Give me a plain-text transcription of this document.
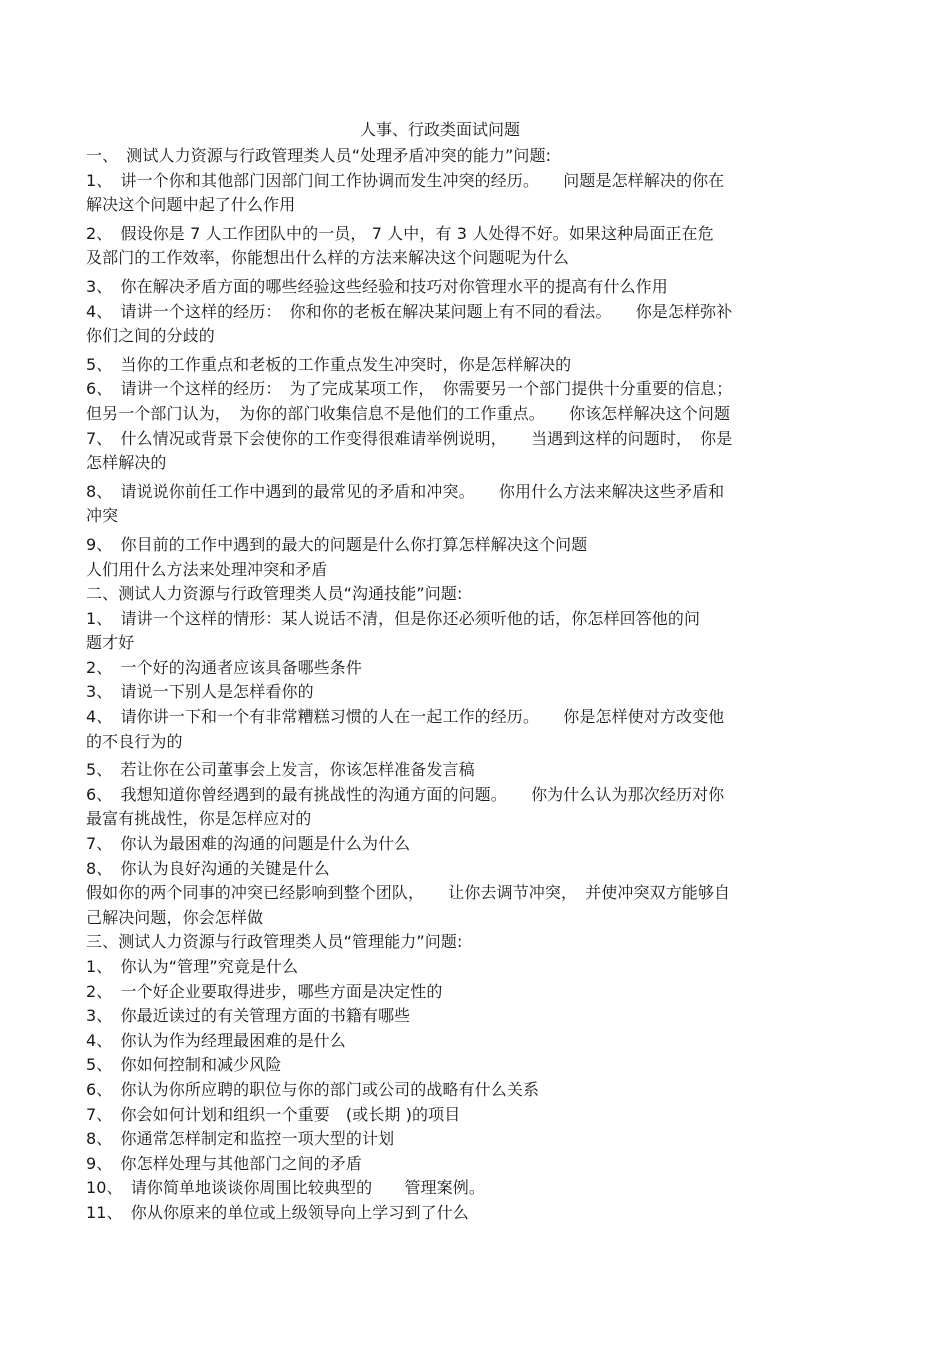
人事、行政类面试问题
一、　测试人力资源与行政管理类人员“处理矛盾冲突的能力”问题:
1、　讲一个你和其他部门因部门间工作协调而发生冲突的经历。　　问题是怎样解决的你在
解决这个问题中起了什么作用
2、　假设你是 7 人工作团队中的一员， 7 人中，有 3 人处得不好。如果这种局面正在危
及部门的工作效率，你能想出什么样的方法来解决这个问题呢为什么
3、　你在解决矛盾方面的哪些经验这些经验和技巧对你管理水平的提高有什么作用
4、　请讲一个这样的经历：　你和你的老板在解决某问题上有不同的看法。　　你是怎样弥补
你们之间的分歧的
5、　当你的工作重点和老板的工作重点发生冲突时，你是怎样解决的
6、　请讲一个这样的经历：　为了完成某项工作，　你需要另一个部门提供十分重要的信息；
但另一个部门认为，　为你的部门收集信息不是他们的工作重点。　　你该怎样解决这个问题
7、　什么情况或背景下会使你的工作变得很难请举例说明，　　当遇到这样的问题时，　你是
怎样解决的
8、　请说说你前任工作中遇到的最常见的矛盾和冲突。　　你用什么方法来解决这些矛盾和
冲突
9、　你目前的工作中遇到的最大的问题是什么你打算怎样解决这个问题
人们用什么方法来处理冲突和矛盾
二、测试人力资源与行政管理类人员“沟通技能”问题:
1、　请讲一个这样的情形：某人说话不清，但是你还必须听他的话，你怎样回答他的问
题才好
2、　一个好的沟通者应该具备哪些条件
3、　请说一下别人是怎样看你的
4、　请你讲一下和一个有非常糟糕习惯的人在一起工作的经历。　　你是怎样使对方改变他
的不良行为的
5、　若让你在公司董事会上发言，你该怎样准备发言稿
6、　我想知道你曾经遇到的最有挑战性的沟通方面的问题。　　你为什么认为那次经历对你
最富有挑战性，你是怎样应对的
7、　你认为最困难的沟通的问题是什么为什么
8、　你认为良好沟通的关键是什么
假如你的两个同事的冲突已经影响到整个团队，　　让你去调节冲突，　并使冲突双方能够自
己解决问题，你会怎样做
三、测试人力资源与行政管理类人员“管理能力”问题:
1、　你认为“管理”究竟是什么
2、　一个好企业要取得进步，哪些方面是决定性的
3、　你最近读过的有关管理方面的书籍有哪些
4、　你认为作为经理最困难的是什么
5、　你如何控制和减少风险
6、　你认为你所应聘的职位与你的部门或公司的战略有什么关系
7、　你会如何计划和组织一个重要　(或长期 )的项目
8、　你通常怎样制定和监控一项大型的计划
9、　你怎样处理与其他部门之间的矛盾
10、　请你简单地谈谈你周围比较典型的　　管理案例。
11、　你从你原来的单位或上级领导向上学习到了什么
